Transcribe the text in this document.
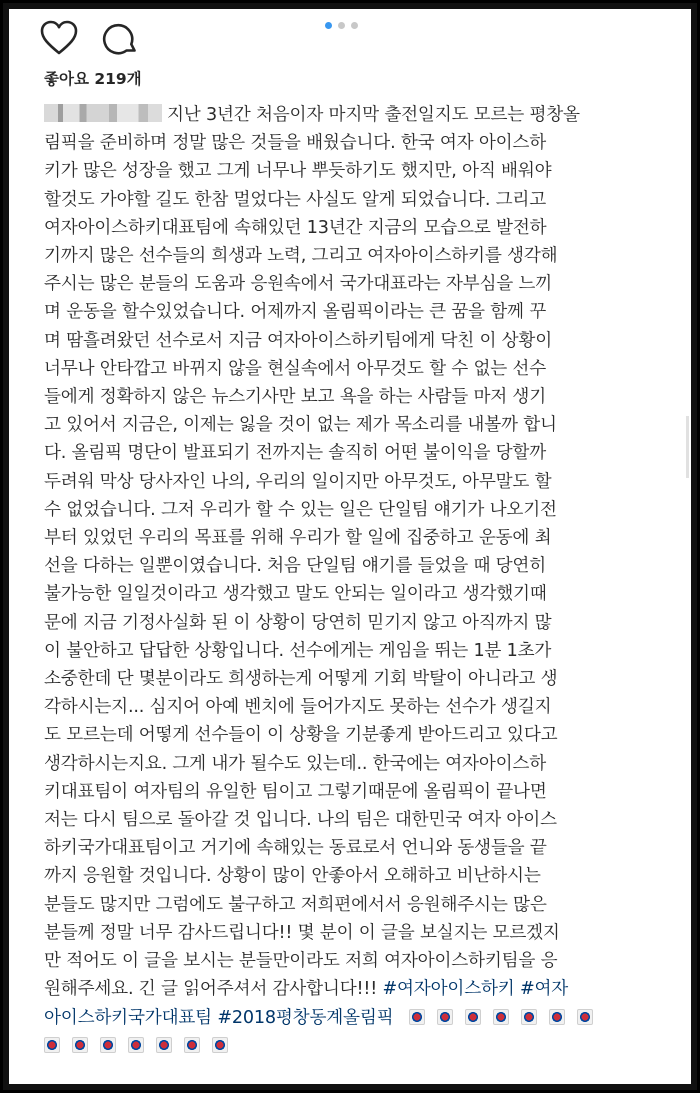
좋아요 219개
지난 3년간 처음이자 마지막 출전일지도 모르는 평창올
림픽을 준비하며 정말 많은 것들을 배웠습니다. 한국 여자 아이스하
키가 많은 성장을 했고 그게 너무나 뿌듯하기도 했지만, 아직 배워야
할것도 가야할 길도 한참 멀었다는 사실도 알게 되었습니다. 그리고
여자아이스하키대표팀에 속해있던 13년간 지금의 모습으로 발전하
기까지 많은 선수들의 희생과 노력, 그리고 여자아이스하키를 생각해
주시는 많은 분들의 도움과 응원속에서 국가대표라는 자부심을 느끼
며 운동을 할수있었습니다. 어제까지 올림픽이라는 큰 꿈을 함께 꾸
며 땀흘려왔던 선수로서 지금 여자아이스하키팀에게 닥친 이 상황이
너무나 안타깝고 바뀌지 않을 현실속에서 아무것도 할 수 없는 선수
들에게 정확하지 않은 뉴스기사만 보고 욕을 하는 사람들 마저 생기
고 있어서 지금은, 이제는 잃을 것이 없는 제가 목소리를 내볼까 합니
다. 올림픽 명단이 발표되기 전까지는 솔직히 어떤 불이익을 당할까
두려워 막상 당사자인 나의, 우리의 일이지만 아무것도, 아무말도 할
수 없었습니다. 그저 우리가 할 수 있는 일은 단일팀 얘기가 나오기전
부터 있었던 우리의 목표를 위해 우리가 할 일에 집중하고 운동에 최
선을 다하는 일뿐이였습니다. 처음 단일팀 얘기를 들었을 때 당연히
불가능한 일일것이라고 생각했고 말도 안되는 일이라고 생각했기때
문에 지금 기정사실화 된 이 상황이 당연히 믿기지 않고 아직까지 많
이 불안하고 답답한 상황입니다. 선수에게는 게임을 뛰는 1분 1초가
소중한데 단 몇분이라도 희생하는게 어떻게 기회 박탈이 아니라고 생
각하시는지... 심지어 아예 벤치에 들어가지도 못하는 선수가 생길지
도 모르는데 어떻게 선수들이 이 상황을 기분좋게 받아드리고 있다고
생각하시는지요. 그게 내가 될수도 있는데.. 한국에는 여자아이스하
키대표팀이 여자팀의 유일한 팀이고 그렇기때문에 올림픽이 끝나면
저는 다시 팀으로 돌아갈 것 입니다. 나의 팀은 대한민국 여자 아이스
하키국가대표팀이고 거기에 속해있는 동료로서 언니와 동생들을 끝
까지 응원할 것입니다. 상황이 많이 안좋아서 오해하고 비난하시는
분들도 많지만 그럼에도 불구하고 저희편에서서 응원해주시는 많은
분들께 정말 너무 감사드립니다!! 몇 분이 이 글을 보실지는 모르겠지
만 적어도 이 글을 보시는 분들만이라도 저희 여자아이스하키팀을 응
원해주세요. 긴 글 읽어주셔서 감사합니다!!! #여자아이스하키 #여자
아이스하키국가대표팀 #2018평창동계올림픽
